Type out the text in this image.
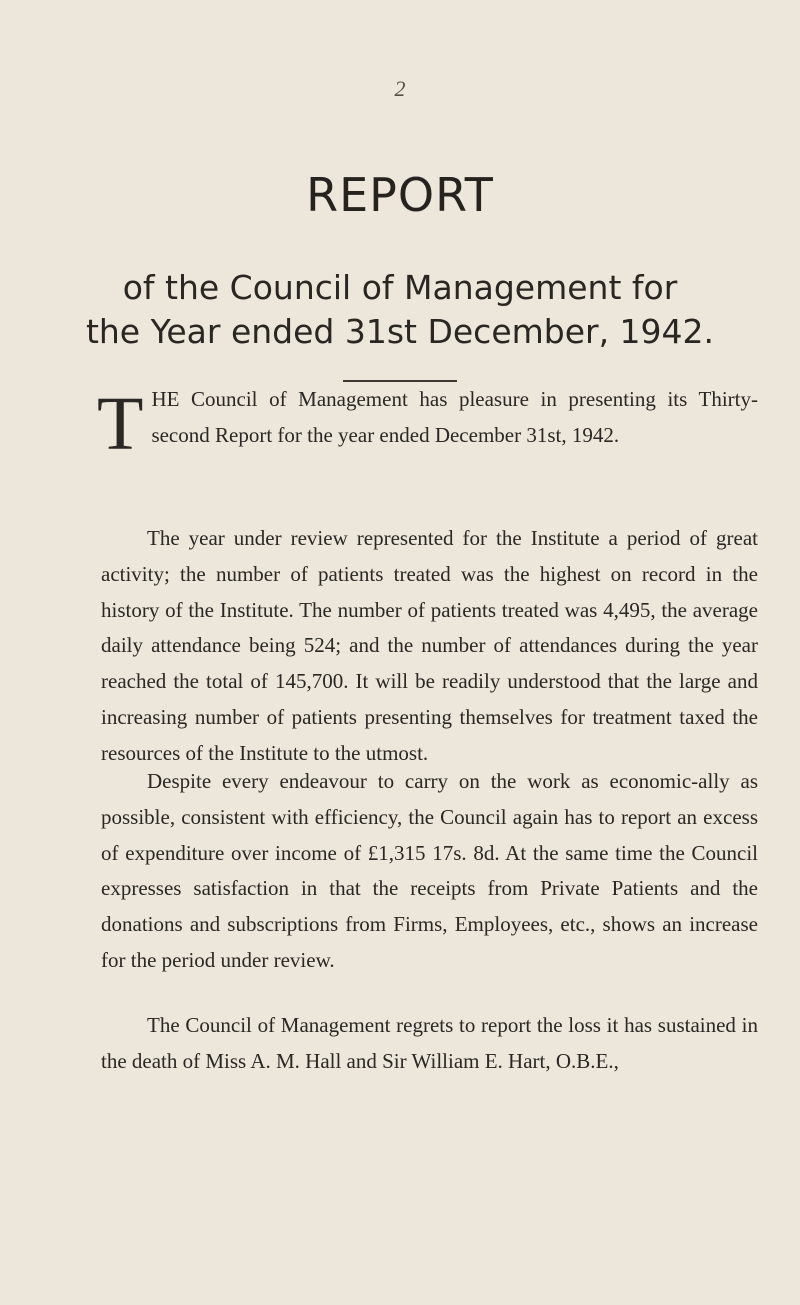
2
REPORT
of the Council of Management for
the Year ended 31st December, 1942.
T HE Council of Management has pleasure in presenting its Thirty-second Report for the year ended December 31st, 1942.
The year under review represented for the Institute a period of great activity; the number of patients treated was the highest on record in the history of the Institute. The number of patients treated was 4,495, the average daily attendance being 524; and the number of attendances during the year reached the total of 145,700. It will be readily understood that the large and increasing number of patients presenting themselves for treatment taxed the resources of the Institute to the utmost.
Despite every endeavour to carry on the work as economic-ally as possible, consistent with efficiency, the Council again has to report an excess of expenditure over income of £1,315 17s. 8d. At the same time the Council expresses satisfaction in that the receipts from Private Patients and the donations and subscriptions from Firms, Employees, etc., shows an increase for the period under review.
The Council of Management regrets to report the loss it has sustained in the death of Miss A. M. Hall and Sir William E. Hart, O.B.E.,
